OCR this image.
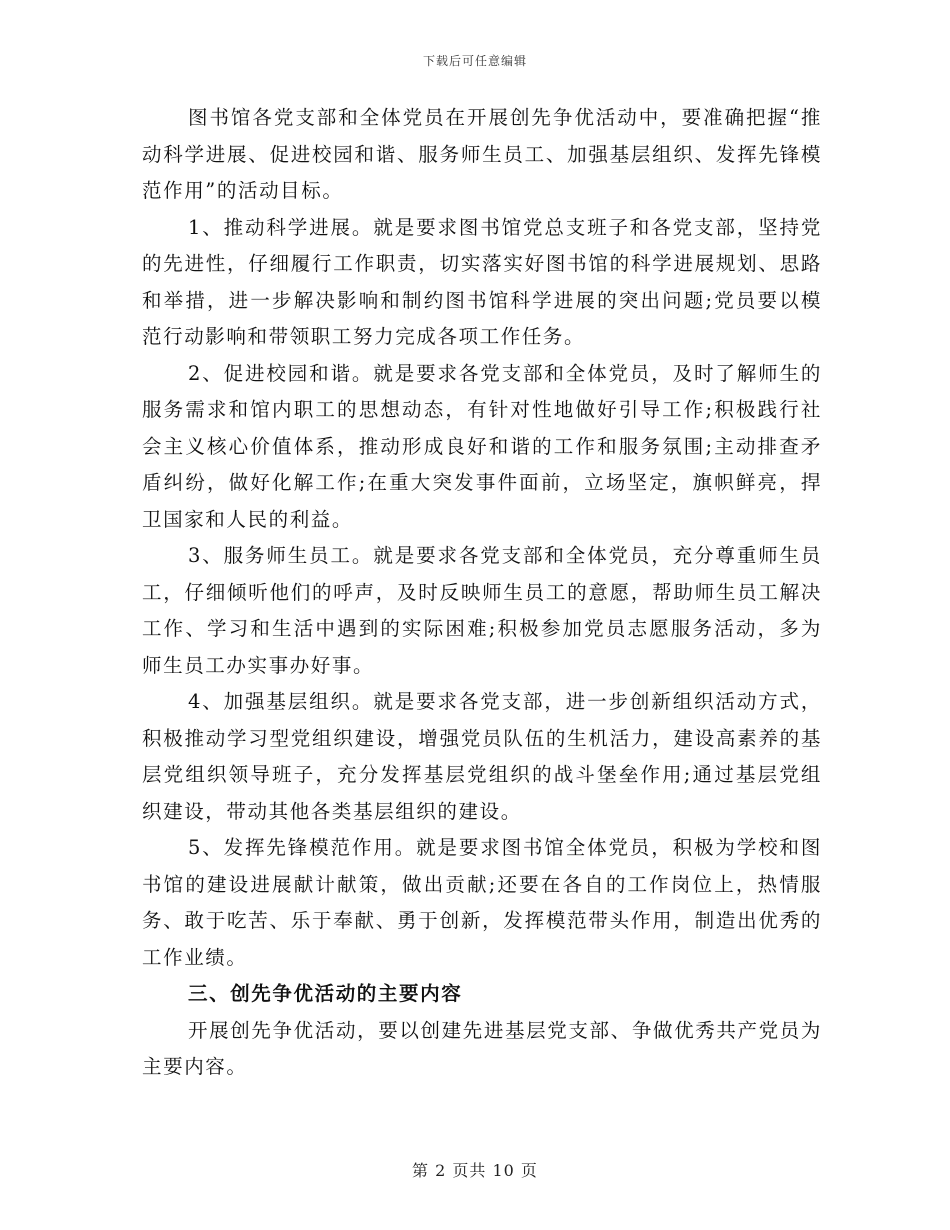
下载后可任意编辑

图书馆各党支部和全体党员在开展创先争优活动中，要准确把握“推动科学进展、促进校园和谐、服务师生员工、加强基层组织、发挥先锋模范作用”的活动目标。

1、推动科学进展。就是要求图书馆党总支班子和各党支部，坚持党的先进性，仔细履行工作职责，切实落实好图书馆的科学进展规划、思路和举措，进一步解决影响和制约图书馆科学进展的突出问题;党员要以模范行动影响和带领职工努力完成各项工作任务。

2、促进校园和谐。就是要求各党支部和全体党员，及时了解师生的服务需求和馆内职工的思想动态，有针对性地做好引导工作;积极践行社会主义核心价值体系，推动形成良好和谐的工作和服务氛围;主动排查矛盾纠纷，做好化解工作;在重大突发事件面前，立场坚定，旗帜鲜亮，捍卫国家和人民的利益。

3、服务师生员工。就是要求各党支部和全体党员，充分尊重师生员工，仔细倾听他们的呼声，及时反映师生员工的意愿，帮助师生员工解决工作、学习和生活中遇到的实际困难;积极参加党员志愿服务活动，多为师生员工办实事办好事。

4、加强基层组织。就是要求各党支部，进一步创新组织活动方式，积极推动学习型党组织建设，增强党员队伍的生机活力，建设高素养的基层党组织领导班子，充分发挥基层党组织的战斗堡垒作用;通过基层党组织建设，带动其他各类基层组织的建设。

5、发挥先锋模范作用。就是要求图书馆全体党员，积极为学校和图书馆的建设进展献计献策，做出贡献;还要在各自的工作岗位上，热情服务、敢于吃苦、乐于奉献、勇于创新，发挥模范带头作用，制造出优秀的工作业绩。

三、创先争优活动的主要内容

开展创先争优活动，要以创建先进基层党支部、争做优秀共产党员为主要内容。

第 2 页共 10 页
